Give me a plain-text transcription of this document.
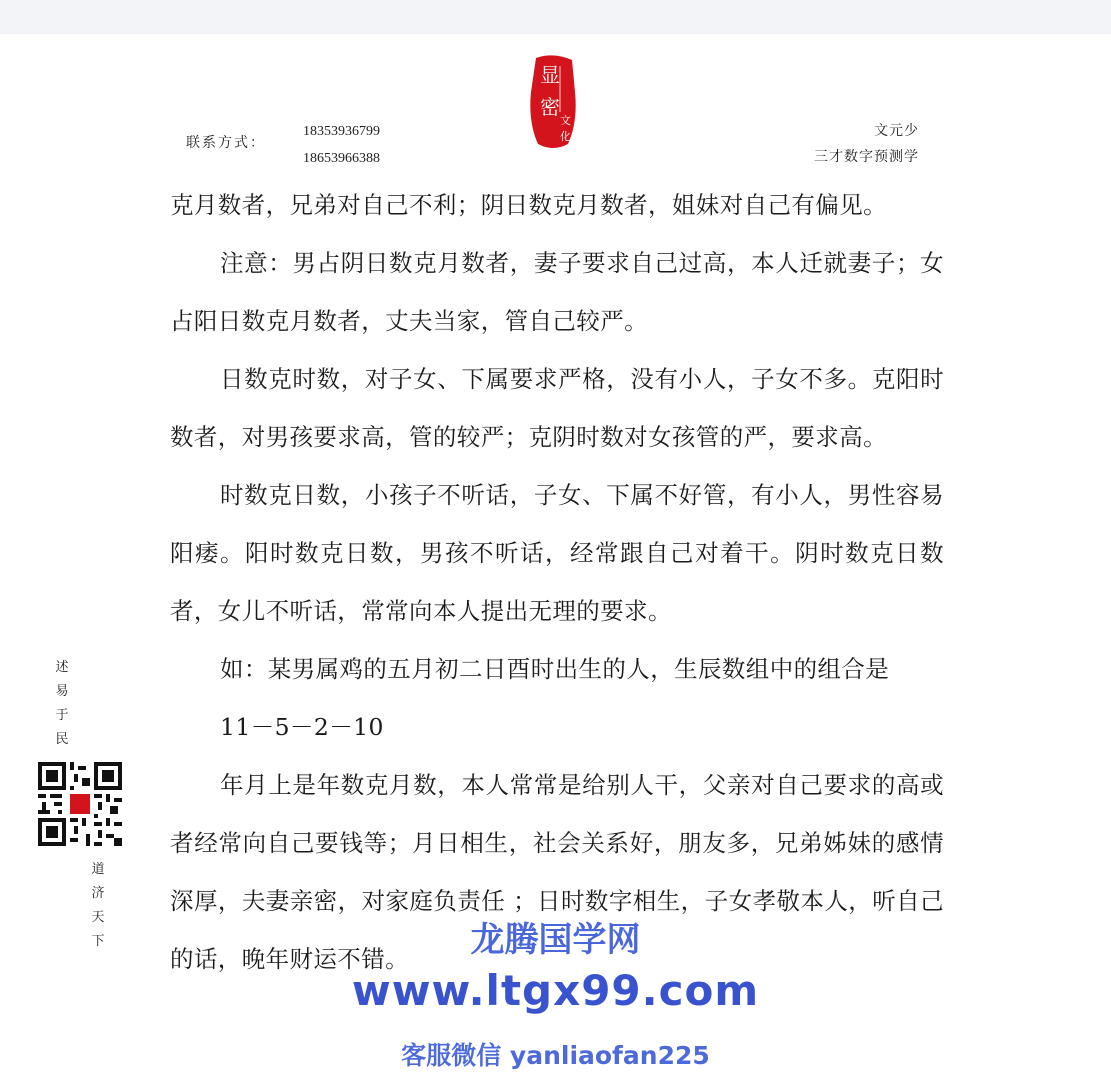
联系方式：
18353936799
18653966388
显
密
文
化	文元少
三才数字预测学

克月数者，兄弟对自己不利；阴日数克月数者，姐妹对自己有偏见。

注意：男占阴日数克月数者，妻子要求自己过高，本人迁就妻子；女占阳日数克月数者，丈夫当家，管自己较严。

日数克时数，对子女、下属要求严格，没有小人，子女不多。克阳时数者，对男孩要求高，管的较严；克阴时数对女孩管的严，要求高。

时数克日数，小孩子不听话，子女、下属不好管，有小人，男性容易阳痿。阳时数克日数，男孩不听话，经常跟自己对着干。阴时数克日数者，女儿不听话，常常向本人提出无理的要求。

如：某男属鸡的五月初二日酉时出生的人，生辰数组中的组合是

11－5－2－10

年月上是年数克月数，本人常常是给别人干，父亲对自己要求的高或者经常向自己要钱等；月日相生，社会关系好，朋友多，兄弟姊妹的感情深厚，夫妻亲密，对家庭负责任 ；日时数字相生，子女孝敬本人，听自己的话，晚年财运不错。

述
易
于
民
道
济
天
下	龙腾国学网
www.ltgx99.com
客服微信 yanliaofan225
